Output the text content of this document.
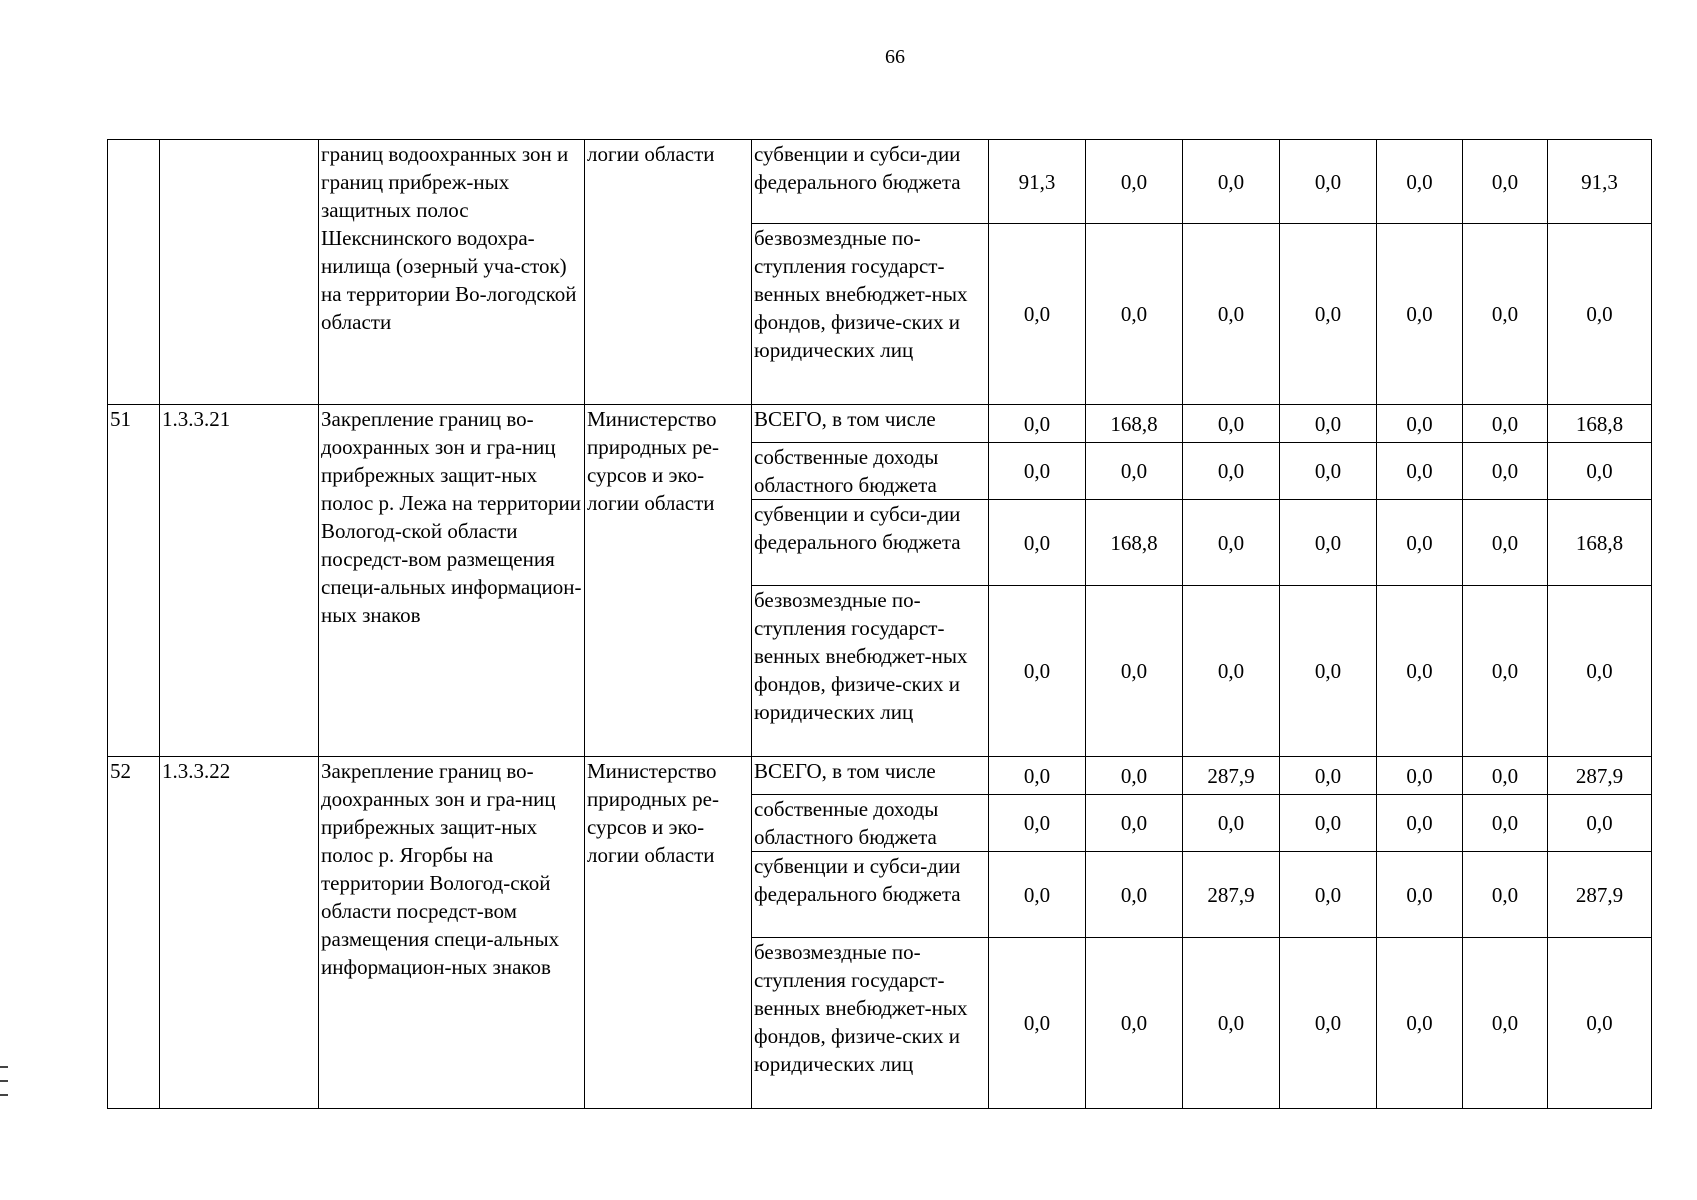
66
		границ водоохранных зон и границ прибреж-ных защитных полос Шекснинского водохра-нилища (озерный уча-сток) на территории Во-логодской области	логии области	субвенции и субси-дии федерального бюджета	91,3	0,0	0,0	0,0	0,0	0,0	91,3
				безвозмездные по-ступления государст-венных внебюджет-ных фондов, физиче-ских и юридических лиц	0,0	0,0	0,0	0,0	0,0	0,0	0,0
51	1.3.3.21	Закрепление границ во-доохранных зон и гра-ниц прибрежных защит-ных полос р. Лежа на территории Вологод-ской области посредст-вом размещения специ-альных информацион-ных знаков	Министерство природных ре-сурсов и эко-логии области	ВСЕГО, в том числе	0,0	168,8	0,0	0,0	0,0	0,0	168,8
				собственные доходы областного бюджета	0,0	0,0	0,0	0,0	0,0	0,0	0,0
				субвенции и субси-дии федерального бюджета	0,0	168,8	0,0	0,0	0,0	0,0	168,8
				безвозмездные по-ступления государст-венных внебюджет-ных фондов, физиче-ских и юридических лиц	0,0	0,0	0,0	0,0	0,0	0,0	0,0
52	1.3.3.22	Закрепление границ во-доохранных зон и гра-ниц прибрежных защит-ных полос р. Ягорбы на территории Вологод-ской области посредст-вом размещения специ-альных информацион-ных знаков	Министерство природных ре-сурсов и эко-логии области	ВСЕГО, в том числе	0,0	0,0	287,9	0,0	0,0	0,0	287,9
				собственные доходы областного бюджета	0,0	0,0	0,0	0,0	0,0	0,0	0,0
				субвенции и субси-дии федерального бюджета	0,0	0,0	287,9	0,0	0,0	0,0	287,9
				безвозмездные по-ступления государст-венных внебюджет-ных фондов, физиче-ских и юридических лиц	0,0	0,0	0,0	0,0	0,0	0,0	0,0
